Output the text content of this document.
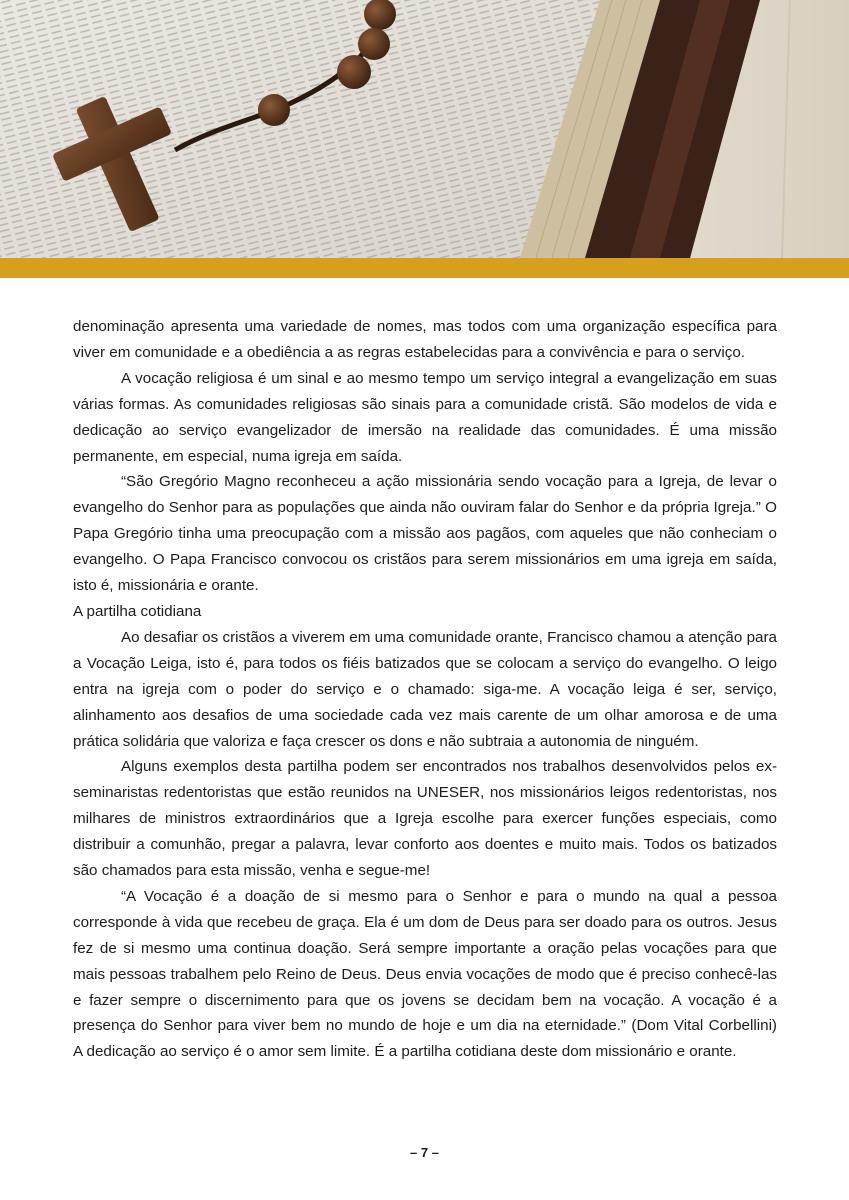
denominação apresenta uma variedade de nomes, mas todos com uma organização específica para viver em comunidade e a obediência a as regras estabelecidas para a convivência e para o serviço.

A vocação religiosa é um sinal e ao mesmo tempo um serviço integral a evangelização em suas várias formas. As comunidades religiosas são sinais para a comunidade cristã. São modelos de vida e dedicação ao serviço evangelizador de imersão na realidade das comunidades. É uma missão permanente, em especial, numa igreja em saída.

“São Gregório Magno reconheceu a ação missionária sendo vocação para a Igreja, de levar o evangelho do Senhor para as populações que ainda não ouviram falar do Senhor e da própria Igreja.” O Papa Gregório tinha uma preocupação com a missão aos pagãos, com aqueles que não conheciam o evangelho. O Papa Francisco convocou os cristãos para serem missionários em uma igreja em saída, isto é, missionária e orante.

A partilha cotidiana

Ao desafiar os cristãos a viverem em uma comunidade orante, Francisco chamou a atenção para a Vocação Leiga, isto é, para todos os fiéis batizados que se colocam a serviço do evangelho. O leigo entra na igreja com o poder do serviço e o chamado: siga-me. A vocação leiga é ser, serviço, alinhamento aos desafios de uma sociedade cada vez mais carente de um olhar amorosa e de uma prática solidária que valoriza e faça crescer os dons e não subtraia a autonomia de ninguém.

Alguns exemplos desta partilha podem ser encontrados nos trabalhos desenvolvidos pelos ex-seminaristas redentoristas que estão reunidos na UNESER, nos missionários leigos redentoristas, nos milhares de ministros extraordinários que a Igreja escolhe para exercer funções especiais, como distribuir a comunhão, pregar a palavra, levar conforto aos doentes e muito mais. Todos os batizados são chamados para esta missão, venha e segue-me!

“A Vocação é a doação de si mesmo para o Senhor e para o mundo na qual a pessoa corresponde à vida que recebeu de graça. Ela é um dom de Deus para ser doado para os outros. Jesus fez de si mesmo uma continua doação. Será sempre importante a oração pelas vocações para que mais pessoas trabalhem pelo Reino de Deus. Deus envia vocações de modo que é preciso conhecê-las e fazer sempre o discernimento para que os jovens se decidam bem na vocação. A vocação é a presença do Senhor para viver bem no mundo de hoje e um dia na eternidade.” (Dom Vital Corbellini)

A dedicação ao serviço é o amor sem limite. É a partilha cotidiana deste dom missionário e orante.

– 7 –
